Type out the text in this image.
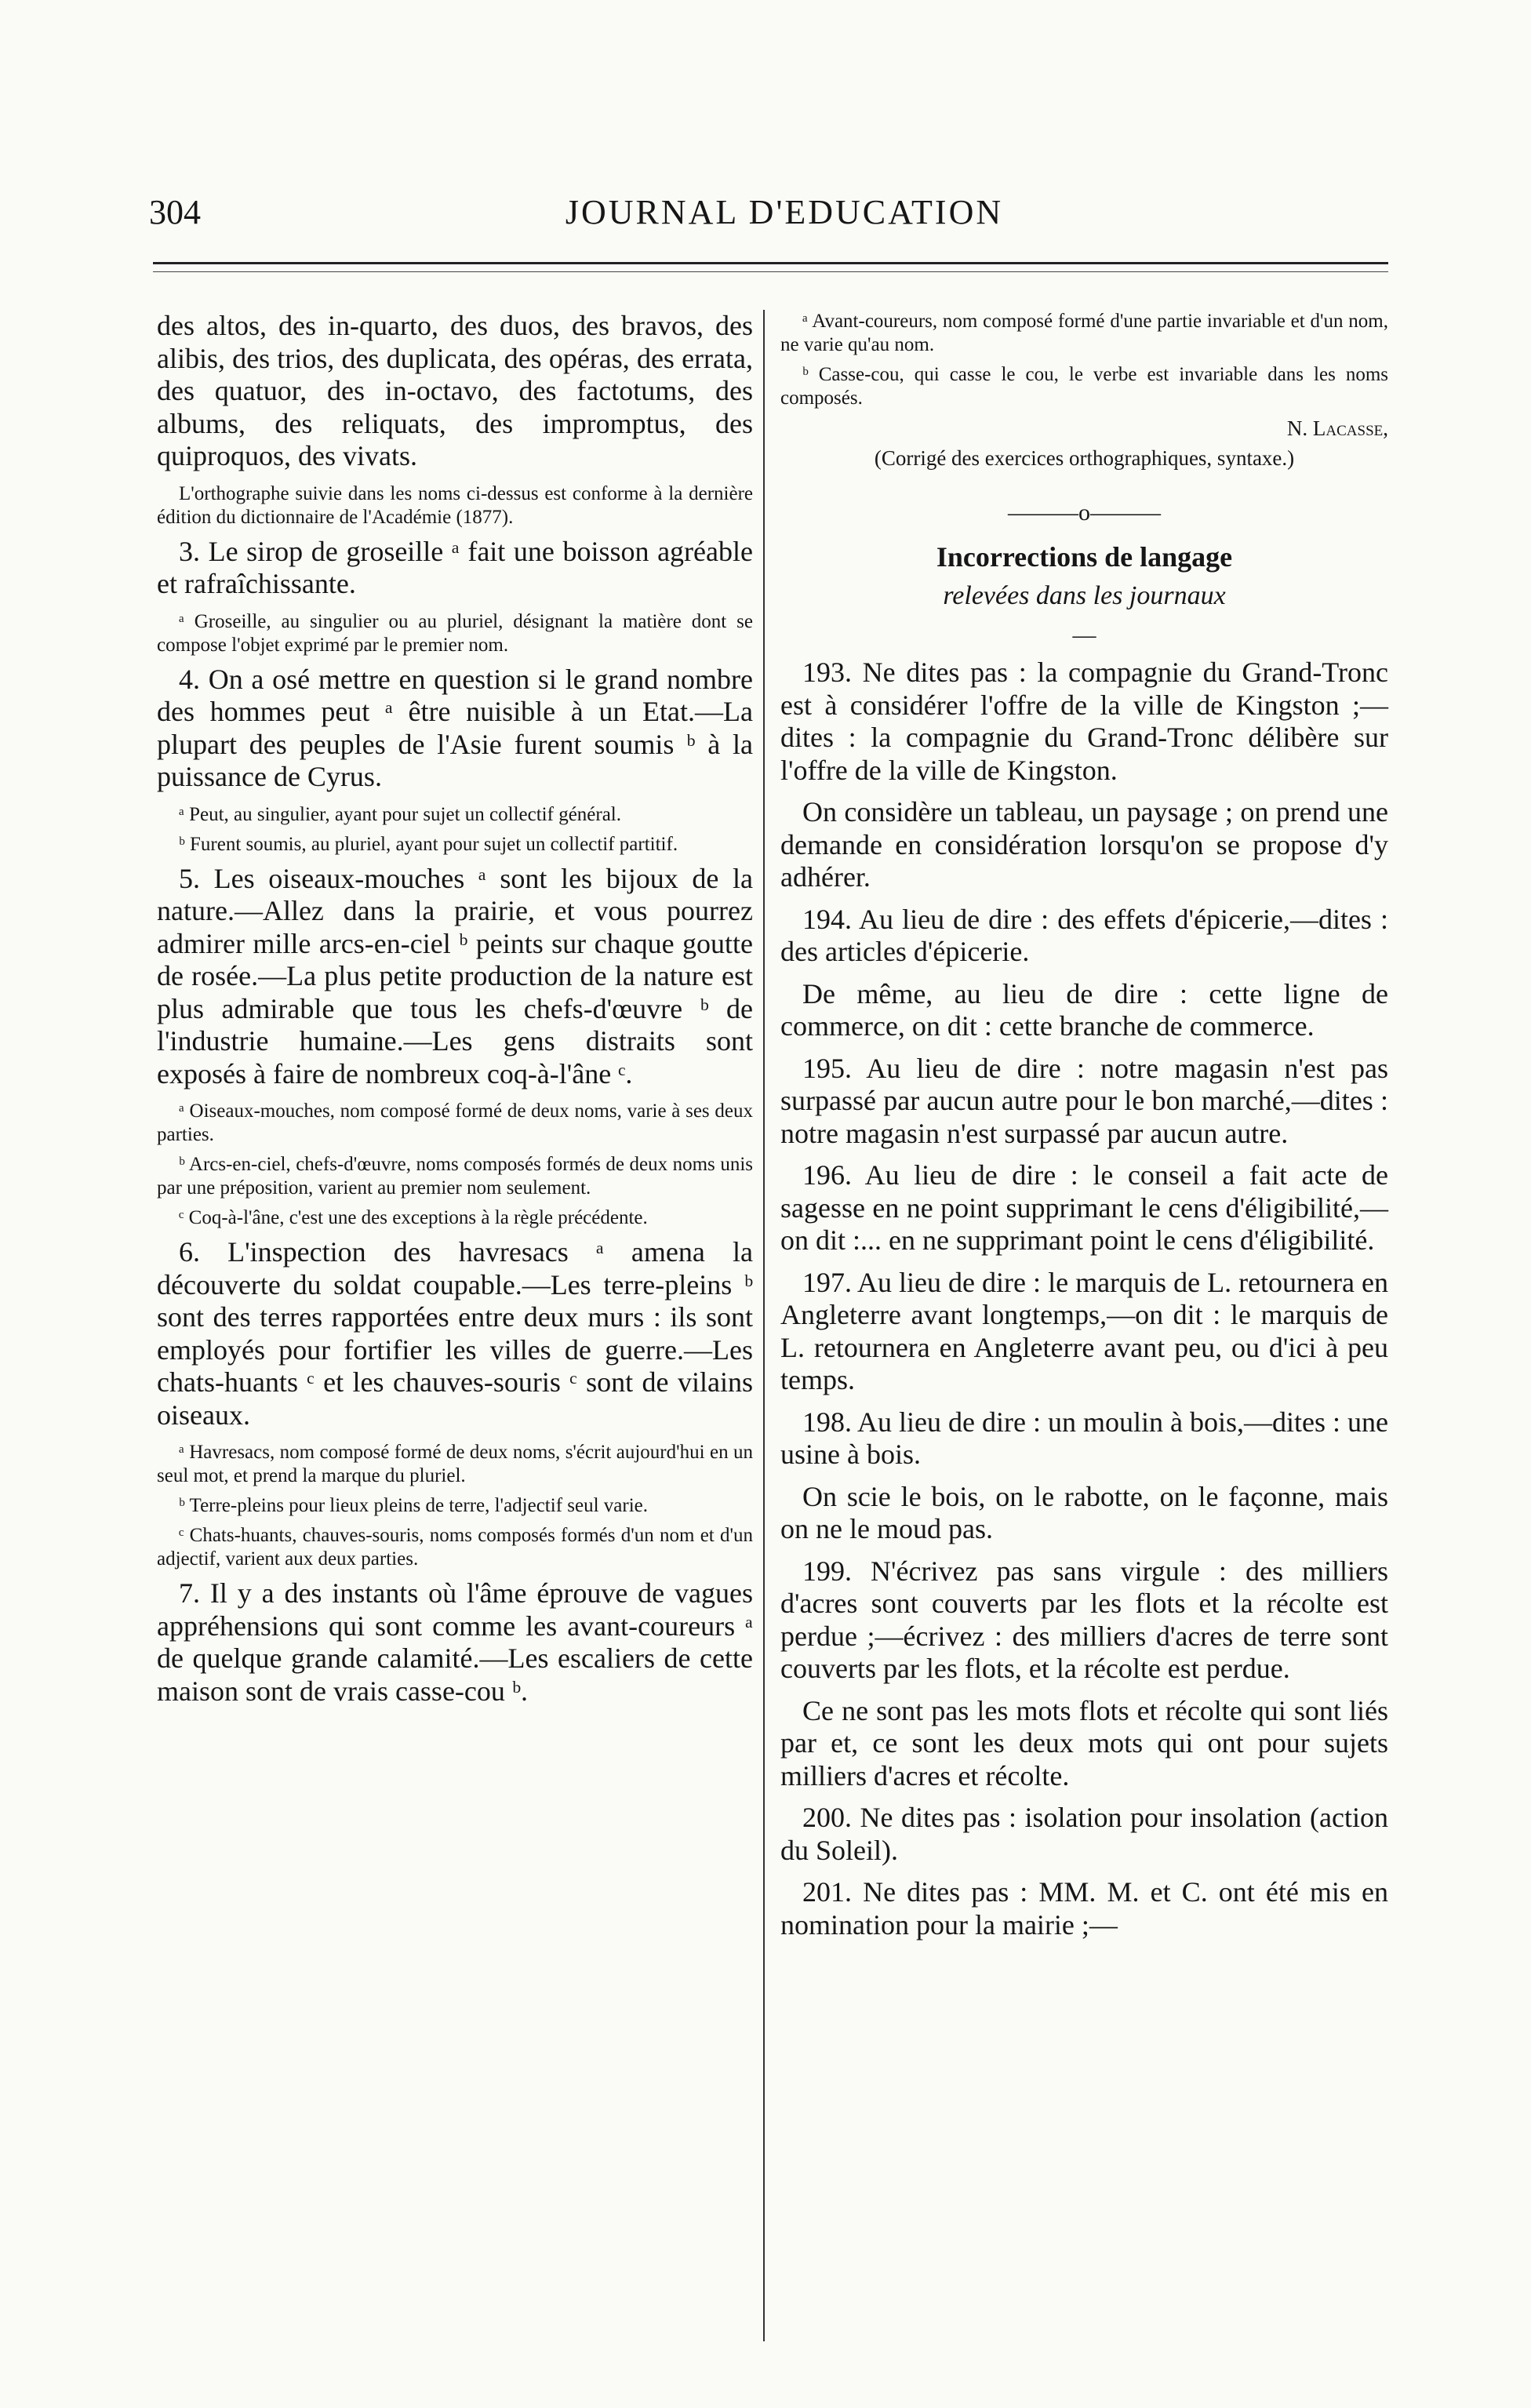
304	JOURNAL D'EDUCATION

des altos, des in-quarto, des duos, des bravos, des alibis, des trios, des duplicata, des opéras, des errata, des quatuor, des in-octavo, des factotums, des albums, des reliquats, des impromptus, des quiproquos, des vivats.

L'orthographe suivie dans les noms ci-dessus est conforme à la dernière édition du dictionnaire de l'Académie (1877).

3. Le sirop de groseille ᵃ fait une boisson agréable et rafraîchissante.

ᵃ Groseille, au singulier ou au pluriel, désignant la matière dont se compose l'objet exprimé par le premier nom.

4. On a osé mettre en question si le grand nombre des hommes peut ᵃ être nuisible à un Etat.—La plupart des peuples de l'Asie furent soumis ᵇ à la puissance de Cyrus.

ᵃ Peut, au singulier, ayant pour sujet un collectif général.

ᵇ Furent soumis, au pluriel, ayant pour sujet un collectif partitif.

5. Les oiseaux-mouches ᵃ sont les bijoux de la nature.—Allez dans la prairie, et vous pourrez admirer mille arcs-en-ciel ᵇ peints sur chaque goutte de rosée.—La plus petite production de la nature est plus admirable que tous les chefs-d'œuvre ᵇ de l'industrie humaine.—Les gens distraits sont exposés à faire de nombreux coq-à-l'âne ᶜ.

ᵃ Oiseaux-mouches, nom composé formé de deux noms, varie à ses deux parties.

ᵇ Arcs-en-ciel, chefs-d'œuvre, noms composés formés de deux noms unis par une préposition, varient au premier nom seulement.

ᶜ Coq-à-l'âne, c'est une des exceptions à la règle précédente.

6. L'inspection des havresacs ᵃ amena la découverte du soldat coupable.—Les terre-pleins ᵇ sont des terres rapportées entre deux murs : ils sont employés pour fortifier les villes de guerre.—Les chats-huants ᶜ et les chauves-souris ᶜ sont de vilains oiseaux.

ᵃ Havresacs, nom composé formé de deux noms, s'écrit aujourd'hui en un seul mot, et prend la marque du pluriel.

ᵇ Terre-pleins pour lieux pleins de terre, l'adjectif seul varie.

ᶜ Chats-huants, chauves-souris, noms composés formés d'un nom et d'un adjectif, varient aux deux parties.

7. Il y a des instants où l'âme éprouve de vagues appréhensions qui sont comme les avant-coureurs ᵃ de quelque grande calamité.—Les escaliers de cette maison sont de vrais casse-cou ᵇ.

ᵃ Avant-coureurs, nom composé formé d'une partie invariable et d'un nom, ne varie qu'au nom.

ᵇ Casse-cou, qui casse le cou, le verbe est invariable dans les noms composés.

N. Lacasse,

(Corrigé des exercices orthographiques, syntaxe.)

———o———
Incorrections de langage
relevées dans les journaux
—

193. Ne dites pas : la compagnie du Grand-Tronc est à considérer l'offre de la ville de Kingston ;—dites : la compagnie du Grand-Tronc délibère sur l'offre de la ville de Kingston.

On considère un tableau, un paysage ; on prend une demande en considération lorsqu'on se propose d'y adhérer.

194. Au lieu de dire : des effets d'épicerie,—dites : des articles d'épicerie.

De même, au lieu de dire : cette ligne de commerce, on dit : cette branche de commerce.

195. Au lieu de dire : notre magasin n'est pas surpassé par aucun autre pour le bon marché,—dites : notre magasin n'est surpassé par aucun autre.

196. Au lieu de dire : le conseil a fait acte de sagesse en ne point supprimant le cens d'éligibilité,—on dit :... en ne supprimant point le cens d'éligibilité.

197. Au lieu de dire : le marquis de L. retournera en Angleterre avant longtemps,—on dit : le marquis de L. retournera en Angleterre avant peu, ou d'ici à peu temps.

198. Au lieu de dire : un moulin à bois,—dites : une usine à bois.

On scie le bois, on le rabotte, on le façonne, mais on ne le moud pas.

199. N'écrivez pas sans virgule : des milliers d'acres sont couverts par les flots et la récolte est perdue ;—écrivez : des milliers d'acres de terre sont couverts par les flots, et la récolte est perdue.

Ce ne sont pas les mots flots et récolte qui sont liés par et, ce sont les deux mots qui ont pour sujets milliers d'acres et récolte.

200. Ne dites pas : isolation pour insolation (action du Soleil).

201. Ne dites pas : MM. M. et C. ont été mis en nomination pour la mairie ;—
